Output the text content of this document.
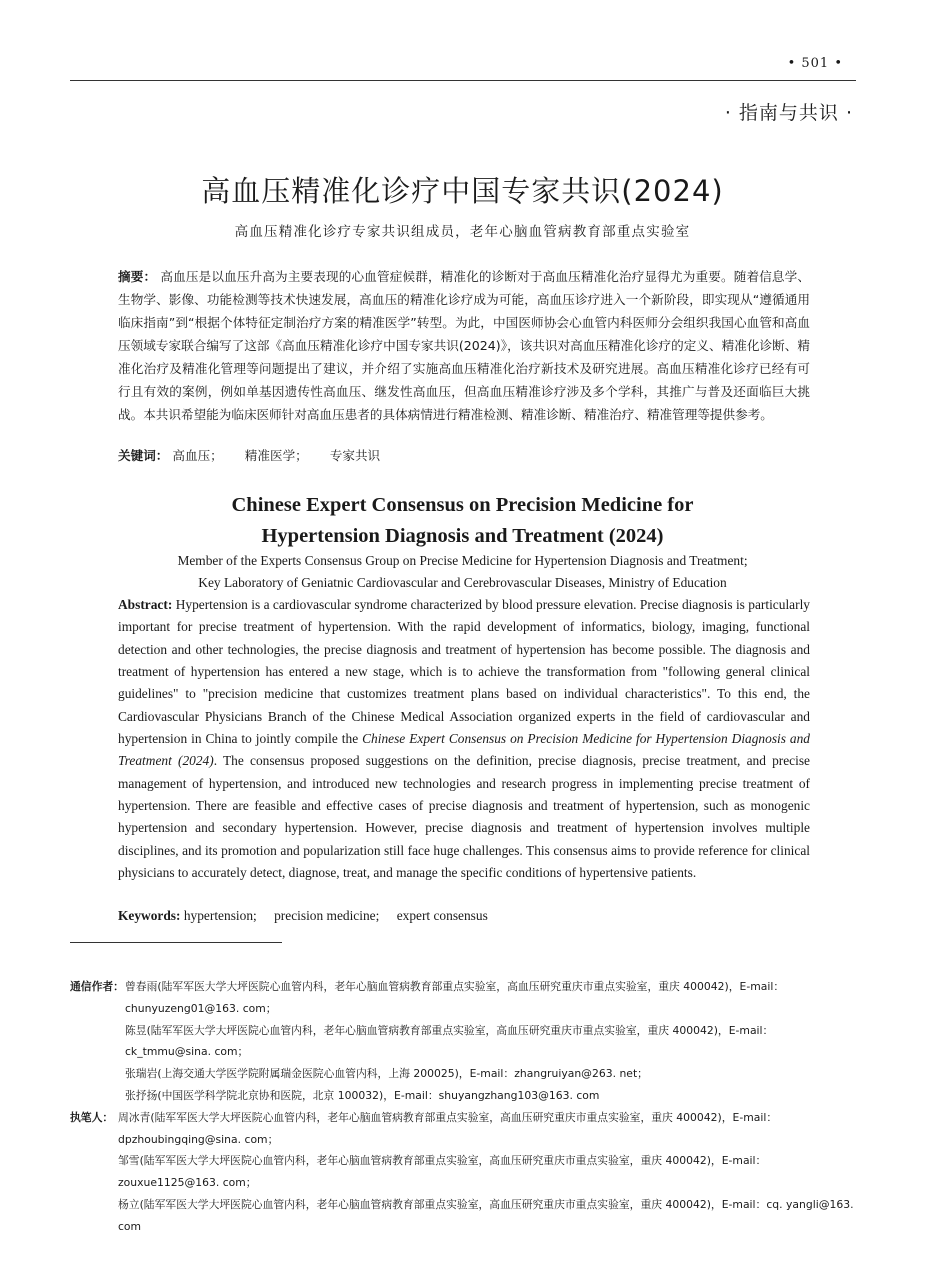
• 501 •
· 指南与共识 ·
高血压精准化诊疗中国专家共识(2024)
高血压精准化诊疗专家共识组成员，老年心脑血管病教育部重点实验室
摘要： 高血压是以血压升高为主要表现的心血管症候群，精准化的诊断对于高血压精准化治疗显得尤为重要。随着信息学、生物学、影像、功能检测等技术快速发展，高血压的精准化诊疗成为可能，高血压诊疗进入一个新阶段，即实现从“遵循通用临床指南”到“根据个体特征定制治疗方案的精准医学”转型。为此，中国医师协会心血管内科医师分会组织我国心血管和高血压领域专家联合编写了这部《高血压精准化诊疗中国专家共识(2024)》，该共识对高血压精准化诊疗的定义、精准化诊断、精准化治疗及精准化管理等问题提出了建议，并介绍了实施高血压精准化治疗新技术及研究进展。高血压精准化诊疗已经有可行且有效的案例，例如单基因遗传性高血压、继发性高血压，但高血压精准诊疗涉及多个学科，其推广与普及还面临巨大挑战。本共识希望能为临床医师针对高血压患者的具体病情进行精准检测、精准诊断、精准治疗、精准管理等提供参考。
关键词： 高血压； 精准医学； 专家共识
Chinese Expert Consensus on Precision Medicine for
Hypertension Diagnosis and Treatment (2024)
Member of the Experts Consensus Group on Precise Medicine for Hypertension Diagnosis and Treatment;
Key Laboratory of Geniatnic Cardiovascular and Cerebrovascular Diseases, Ministry of Education
Abstract: Hypertension is a cardiovascular syndrome characterized by blood pressure elevation. Precise diagnosis is particularly important for precise treatment of hypertension. With the rapid development of informatics, biology, imaging, functional detection and other technologies, the precise diagnosis and treatment of hypertension has become possible. The diagnosis and treatment of hypertension has entered a new stage, which is to achieve the transformation from "following general clinical guidelines" to "precision medicine that customizes treatment plans based on individual characteristics". To this end, the Cardiovascular Physicians Branch of the Chinese Medical Association organized experts in the field of cardiovascular and hypertension in China to jointly compile the Chinese Expert Consensus on Precision Medicine for Hypertension Diagnosis and Treatment (2024). The consensus proposed suggestions on the definition, precise diagnosis, precise treatment, and precise management of hypertension, and introduced new technologies and research progress in implementing precise treatment of hypertension. There are feasible and effective cases of precise diagnosis and treatment of hypertension, such as monogenic hypertension and secondary hypertension. However, precise diagnosis and treatment of hypertension involves multiple disciplines, and its promotion and popularization still face huge challenges. This consensus aims to provide reference for clinical physicians to accurately detect, diagnose, treat, and manage the specific conditions of hypertensive patients.
Keywords: hypertension; precision medicine; expert consensus
通信作者： 曾春雨(陆军军医大学大坪医院心血管内科，老年心脑血管病教育部重点实验室，高血压研究重庆市重点实验室，重庆 400042)，E-mail：chunyuzeng01@163. com；
陈昱(陆军军医大学大坪医院心血管内科，老年心脑血管病教育部重点实验室，高血压研究重庆市重点实验室，重庆 400042)，E-mail：ck_tmmu@sina. com；
张瑞岩(上海交通大学医学院附属瑞金医院心血管内科，上海 200025)，E-mail：zhangruiyan@263. net；
张抒扬(中国医学科学院北京协和医院，北京 100032)，E-mail：shuyangzhang103@163. com
执笔人： 周冰青(陆军军医大学大坪医院心血管内科，老年心脑血管病教育部重点实验室，高血压研究重庆市重点实验室，重庆 400042)，E-mail：dpzhoubingqing@sina. com；
邹雪(陆军军医大学大坪医院心血管内科，老年心脑血管病教育部重点实验室，高血压研究重庆市重点实验室，重庆 400042)，E-mail：zouxue1125@163. com；
杨立(陆军军医大学大坪医院心血管内科，老年心脑血管病教育部重点实验室，高血压研究重庆市重点实验室，重庆 400042)，E-mail：cq. yangli@163. com
